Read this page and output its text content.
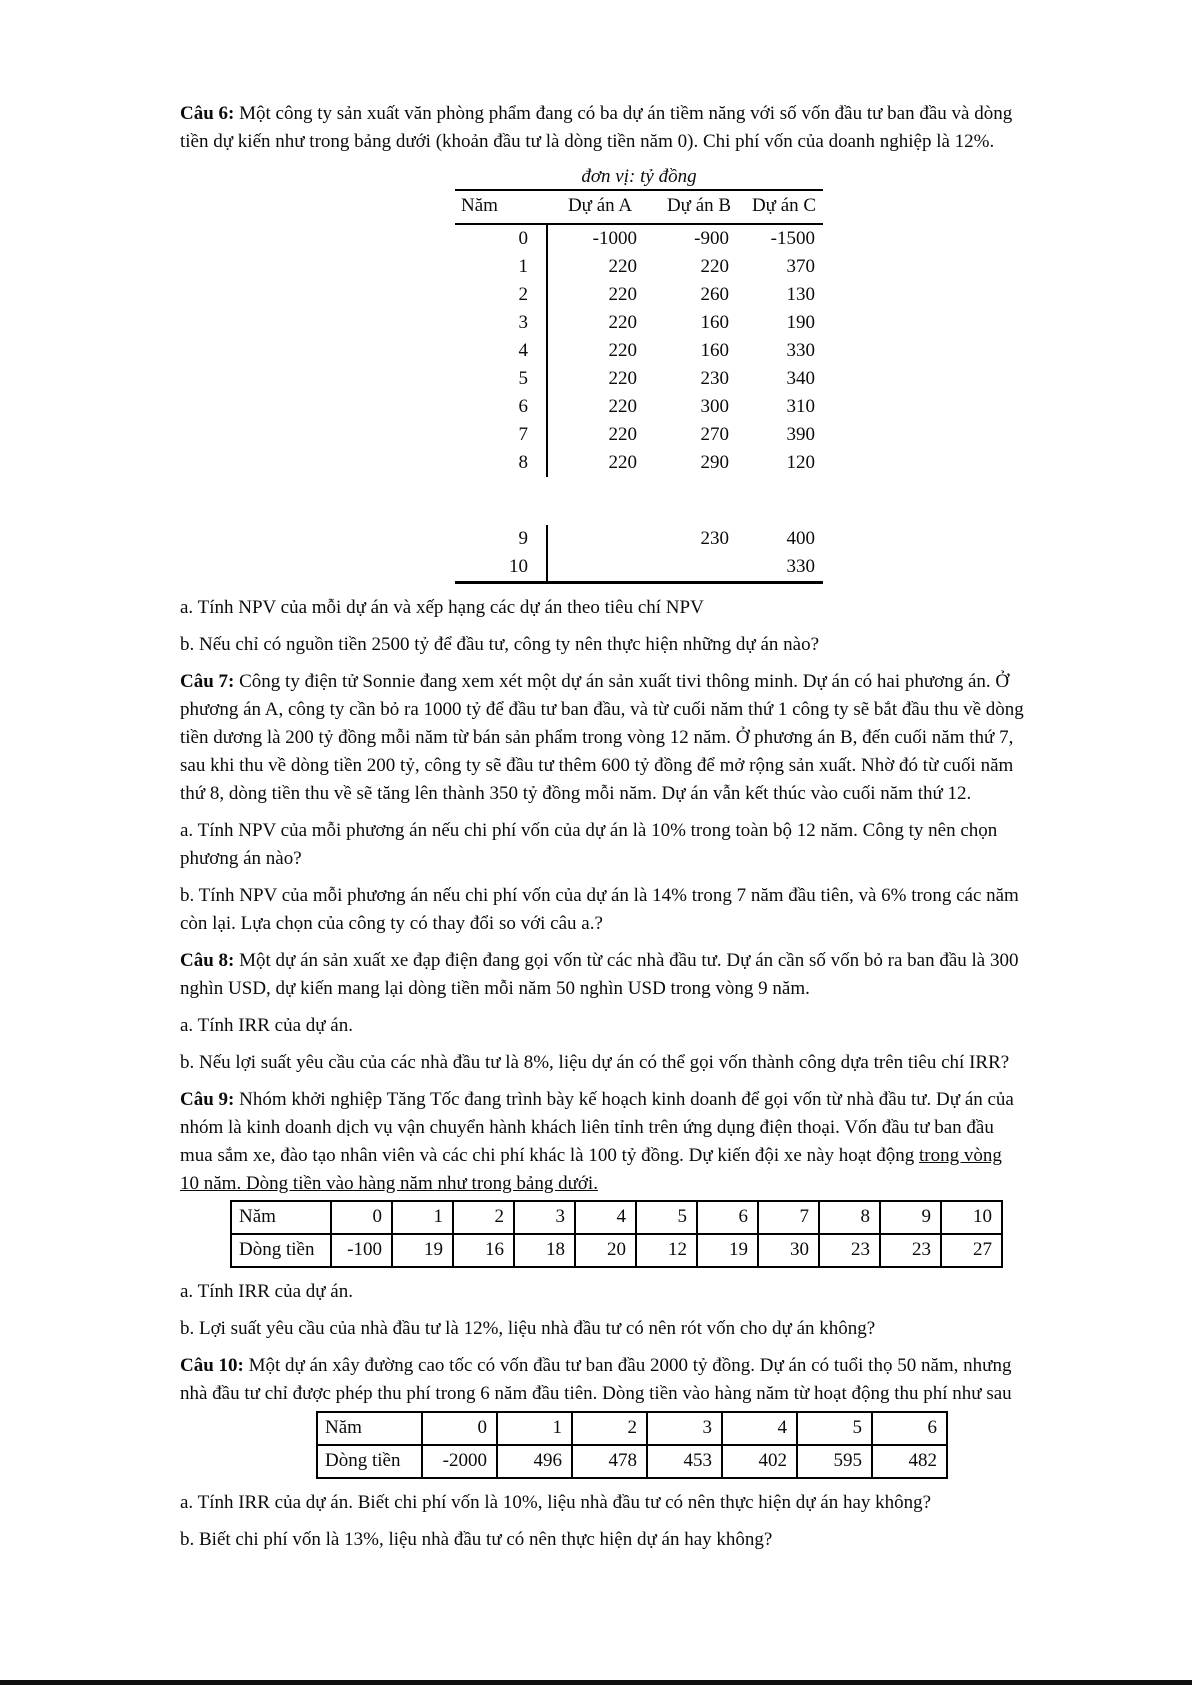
Câu 6: Một công ty sản xuất văn phòng phẩm đang có ba dự án tiềm năng với số vốn đầu tư ban đầu và dòng tiền dự kiến như trong bảng dưới (khoản đầu tư là dòng tiền năm 0). Chi phí vốn của doanh nghiệp là 12%.

đơn vị: tỷ đồng
Năm	Dự án A	Dự án B	Dự án C
0	-1000	-900	-1500
1	220	220	370
2	220	260	130
3	220	160	190
4	220	160	330
5	220	230	340
6	220	300	310
7	220	270	390
8	220	290	120

9		230	400
10			330

a. Tính NPV của mỗi dự án và xếp hạng các dự án theo tiêu chí NPV

b. Nếu chỉ có nguồn tiền 2500 tỷ để đầu tư, công ty nên thực hiện những dự án nào?

Câu 7: Công ty điện tử Sonnie đang xem xét một dự án sản xuất tivi thông minh. Dự án có hai phương án. Ở phương án A, công ty cần bỏ ra 1000 tỷ để đầu tư ban đầu, và từ cuối năm thứ 1 công ty sẽ bắt đầu thu về dòng tiền dương là 200 tỷ đồng mỗi năm từ bán sản phẩm trong vòng 12 năm. Ở phương án B, đến cuối năm thứ 7, sau khi thu về dòng tiền 200 tỷ, công ty sẽ đầu tư thêm 600 tỷ đồng để mở rộng sản xuất. Nhờ đó từ cuối năm thứ 8, dòng tiền thu về sẽ tăng lên thành 350 tỷ đồng mỗi năm. Dự án vẫn kết thúc vào cuối năm thứ 12.

a. Tính NPV của mỗi phương án nếu chi phí vốn của dự án là 10% trong toàn bộ 12 năm. Công ty nên chọn phương án nào?

b. Tính NPV của mỗi phương án nếu chi phí vốn của dự án là 14% trong 7 năm đầu tiên, và 6% trong các năm còn lại. Lựa chọn của công ty có thay đổi so với câu a.?

Câu 8: Một dự án sản xuất xe đạp điện đang gọi vốn từ các nhà đầu tư. Dự án cần số vốn bỏ ra ban đầu là 300 nghìn USD, dự kiến mang lại dòng tiền mỗi năm 50 nghìn USD trong vòng 9 năm.

a. Tính IRR của dự án.

b. Nếu lợi suất yêu cầu của các nhà đầu tư là 8%, liệu dự án có thể gọi vốn thành công dựa trên tiêu chí IRR?

Câu 9: Nhóm khởi nghiệp Tăng Tốc đang trình bày kế hoạch kinh doanh để gọi vốn từ nhà đầu tư. Dự án của nhóm là kinh doanh dịch vụ vận chuyển hành khách liên tỉnh trên ứng dụng điện thoại. Vốn đầu tư ban đầu mua sắm xe, đào tạo nhân viên và các chi phí khác là 100 tỷ đồng. Dự kiến đội xe này hoạt động trong vòng 10 năm. Dòng tiền vào hàng năm như trong bảng dưới.

Năm	0	1	2	3	4	5	6	7	8	9	10
Dòng tiền	-100	19	16	18	20	12	19	30	23	23	27

a. Tính IRR của dự án.

b. Lợi suất yêu cầu của nhà đầu tư là 12%, liệu nhà đầu tư có nên rót vốn cho dự án không?

Câu 10: Một dự án xây đường cao tốc có vốn đầu tư ban đầu 2000 tỷ đồng. Dự án có tuổi thọ 50 năm, nhưng nhà đầu tư chỉ được phép thu phí trong 6 năm đầu tiên. Dòng tiền vào hàng năm từ hoạt động thu phí như sau

Năm	0	1	2	3	4	5	6
Dòng tiền	-2000	496	478	453	402	595	482

a. Tính IRR của dự án. Biết chi phí vốn là 10%, liệu nhà đầu tư có nên thực hiện dự án hay không?

b. Biết chi phí vốn là 13%, liệu nhà đầu tư có nên thực hiện dự án hay không?
